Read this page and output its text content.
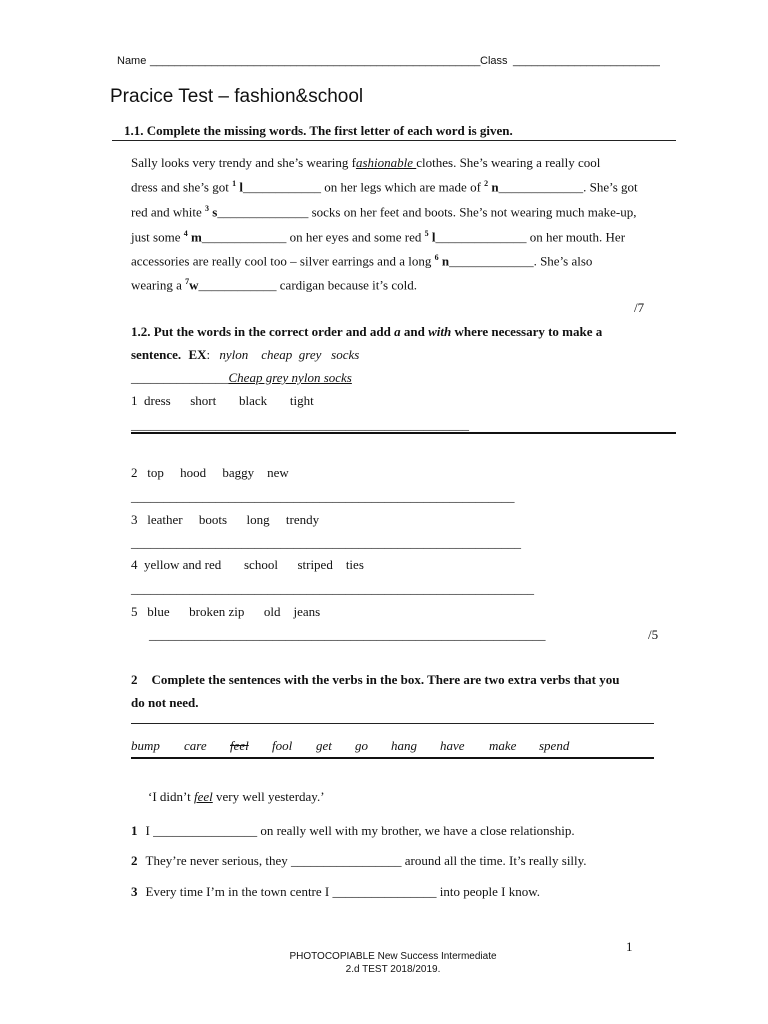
Name ______________________________________________________ Class ________________________
Pracice Test – fashion&school
1.1. Complete the missing words. The first letter of each word is given.
Sally looks very trendy and she’s wearing fashionable clothes. She’s wearing a really cool
dress and she’s got $^1$ l____________ on her legs which are made of $^2$ n_____________. She’s got
red and white $^3$ s______________ socks on her feet and boots. She’s not wearing much make-up,
just some $^4$ m_____________ on her eyes and some red $^5$ l______________ on her mouth. Her
accessories are really cool too – silver earrings and a long $^6$ n_____________. She’s also
wearing a $^7$w____________ cardigan because it’s cold.
/7
1.2. Put the words in the correct order and add a and with where necessary to make a
sentence. EX: nylon    cheap  grey   socks
_______________Cheap grey nylon socks
1  dress      short       black       tight
____________________________________________________
2   top     hood     baggy    new
___________________________________________________________
3   leather     boots      long     trendy
____________________________________________________________
4  yellow and red       school      striped    ties
______________________________________________________________
5   blue      broken zip      old    jeans
_____________________________________________________________	/5
2 Complete the sentences with the verbs in the box. There are two extra verbs that you
do not need.
bump care feel fool get go hang have make spend
‘I didn’t feel very well yesterday.’
1 I ________________ on really well with my brother, we have a close relationship.
2 They’re never serious, they _________________ around all the time. It’s really silly.
3 Every time I’m in the town centre I ________________ into people I know.
1
PHOTOCOPIABLE New Success Intermediate
2.d TEST 2018/2019.
